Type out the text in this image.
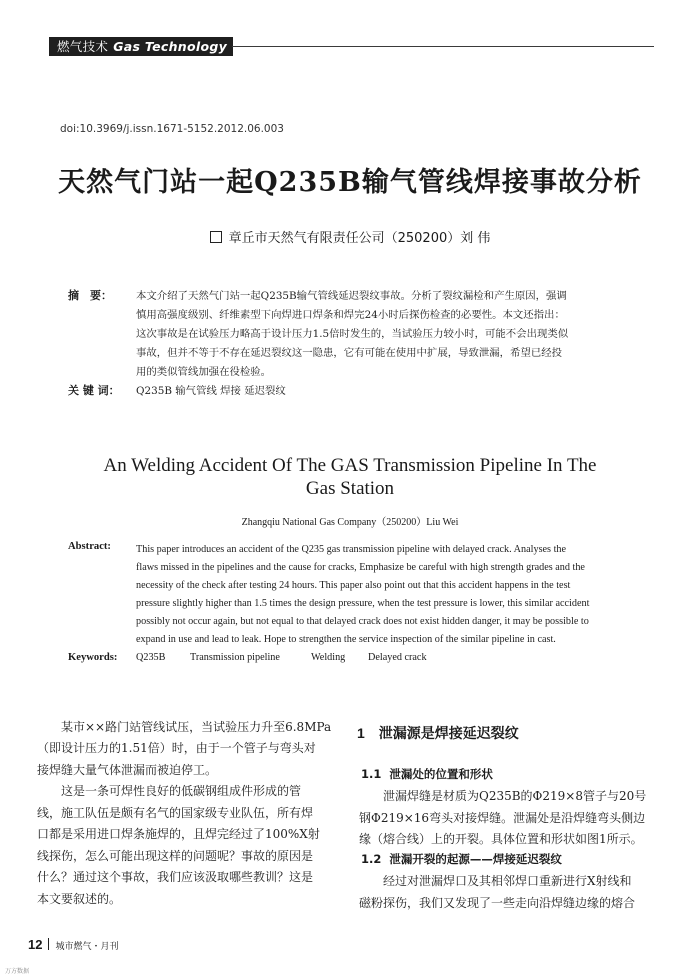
燃气技术 Gas Technology
doi:10.3969/j.issn.1671-5152.2012.06.003
天然气门站一起Q235B输气管线焊接事故分析
章丘市天然气有限责任公司（250200）刘 伟
摘　要： 本文介绍了天然气门站一起Q235B输气管线延迟裂纹事故。分析了裂纹漏检和产生原因，强调
慎用高强度级别、纤维素型下向焊进口焊条和焊完24小时后探伤检查的必要性。本文还指出：
这次事故是在试验压力略高于设计压力1.5倍时发生的，当试验压力较小时，可能不会出现类似
事故，但并不等于不存在延迟裂纹这一隐患，它有可能在使用中扩展，导致泄漏，希望已经投
用的类似管线加强在役检验。
关 键 词： Q235B 输气管线 焊接 延迟裂纹
An Welding Accident Of The GAS Transmission Pipeline In The
Gas Station
Zhangqiu National Gas Company（250200）Liu Wei
Abstract: This paper introduces an accident of the Q235 gas transmission pipeline with delayed crack. Analyses the
flaws missed in the pipelines and the cause for cracks, Emphasize be careful with high strength grades and the
necessity of the check after testing 24 hours. This paper also point out that this accident happens in the test
pressure slightly higher than 1.5 times the design pressure, when the test pressure is lower, this similar accident
possibly not occur again, but not equal to that delayed crack does not exist hidden danger, it may be possible to
expand in use and lead to leak. Hope to strengthen the service inspection of the similar pipeline in cast.
Keywords: Q235B Transmission pipeline	Welding Delayed crack
　　某市××路门站管线试压，当试验压力升至6.8MPa
（即设计压力的1.51倍）时，由于一个管子与弯头对
接焊缝大量气体泄漏而被迫停工。
　　这是一条可焊性良好的低碳钢组成件形成的管
线，施工队伍是颇有名气的国家级专业队伍，所有焊
口都是采用进口焊条施焊的，且焊完经过了100%X射
线探伤，怎么可能出现这样的问题呢？事故的原因是
什么？通过这个事故，我们应该汲取哪些教训？这是
本文要叙述的。
1 泄漏源是焊接延迟裂纹
1.1 泄漏处的位置和形状
　　泄漏焊缝是材质为Q235B的Φ219×8管子与20号
钢Φ219×16弯头对接焊缝。泄漏处是沿焊缝弯头侧边
缘（熔合线）上的开裂。具体位置和形状如图1所示。
1.2 泄漏开裂的起源——焊接延迟裂纹
　　经过对泄漏焊口及其相邻焊口重新进行X射线和
磁粉探伤，我们又发现了一些走向沿焊缝边缘的熔合
12 城市燃气・月刊
万方数据
